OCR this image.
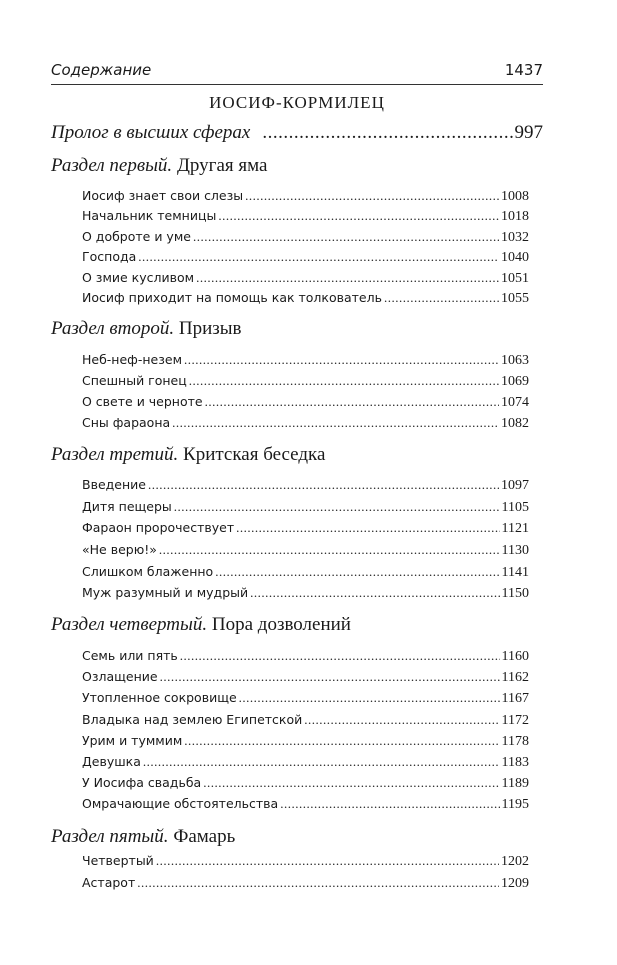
Содержание	1437
ИОСИФ-КОРМИЛЕЦ
Пролог в высших сферах .....	997
Раздел первый. Другая яма
Иосиф знает свои слезы .....	1008
Начальник темницы .....	1018
О доброте и уме .....	1032
Господа .....	1040
О змие кусливом .....	1051
Иосиф приходит на помощь как толкователь .....	1055
Раздел второй. Призыв
Неб-неф-незем .....	1063
Спешный гонец .....	1069
О свете и черноте .....	1074
Сны фараона .....	1082
Раздел третий. Критская беседка
Введение .....	1097
Дитя пещеры .....	1105
Фараон пророчествует .....	1121
«Не верю!» .....	1130
Слишком блаженно .....	1141
Муж разумный и мудрый .....	1150
Раздел четвертый. Пора дозволений
Семь или пять .....	1160
Озлащение .....	1162
Утопленное сокровище .....	1167
Владыка над землею Египетской .....	1172
Урим и туммим .....	1178
Девушка .....	1183
У Иосифа свадьба .....	1189
Омрачающие обстоятельства .....	1195
Раздел пятый. Фамарь
Четвертый .....	1202
Астарот .....	1209
